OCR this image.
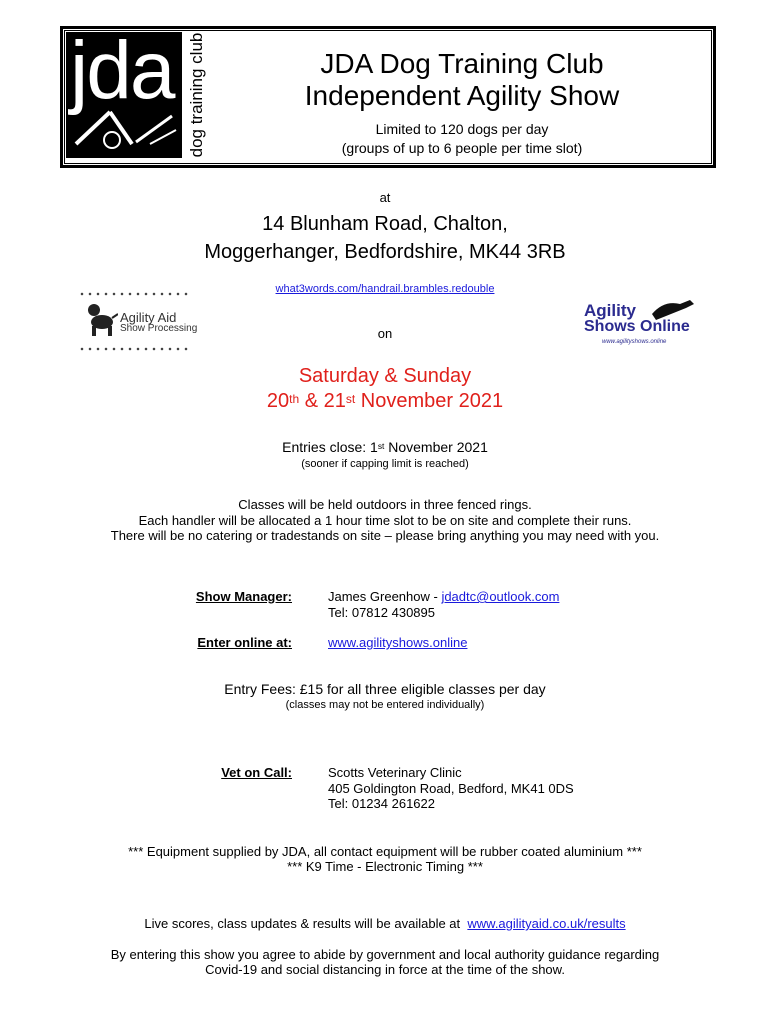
jda dog training club	JDA Dog Training Club
Independent Agility Show
Limited to 120 dogs per day
(groups of up to 6 people per time slot)
at
14 Blunham Road, Chalton,
Moggerhanger, Bedfordshire, MK44 3RB
what3words.com/handrail.brambles.redouble
on
Agility Aid
Show Processing
Agility
Shows Online
www.agilityshows.online
Saturday & Sunday
20th & 21st November 2021
Entries close: 1st November 2021
(sooner if capping limit is reached)
Classes will be held outdoors in three fenced rings.
Each handler will be allocated a 1 hour time slot to be on site and complete their runs.
There will be no catering or tradestands on site – please bring anything you may need with you.
Show Manager:	James Greenhow - jdadtc@outlook.com
Tel: 07812 430895
Enter online at:	www.agilityshows.online
Entry Fees: £15 for all three eligible classes per day
(classes may not be entered individually)
Vet on Call:	Scotts Veterinary Clinic
405 Goldington Road, Bedford, MK41 0DS
Tel: 01234 261622
*** Equipment supplied by JDA, all contact equipment will be rubber coated aluminium ***
*** K9 Time - Electronic Timing ***
Live scores, class updates & results will be available at  www.agilityaid.co.uk/results
By entering this show you agree to abide by government and local authority guidance regarding
Covid-19 and social distancing in force at the time of the show.
